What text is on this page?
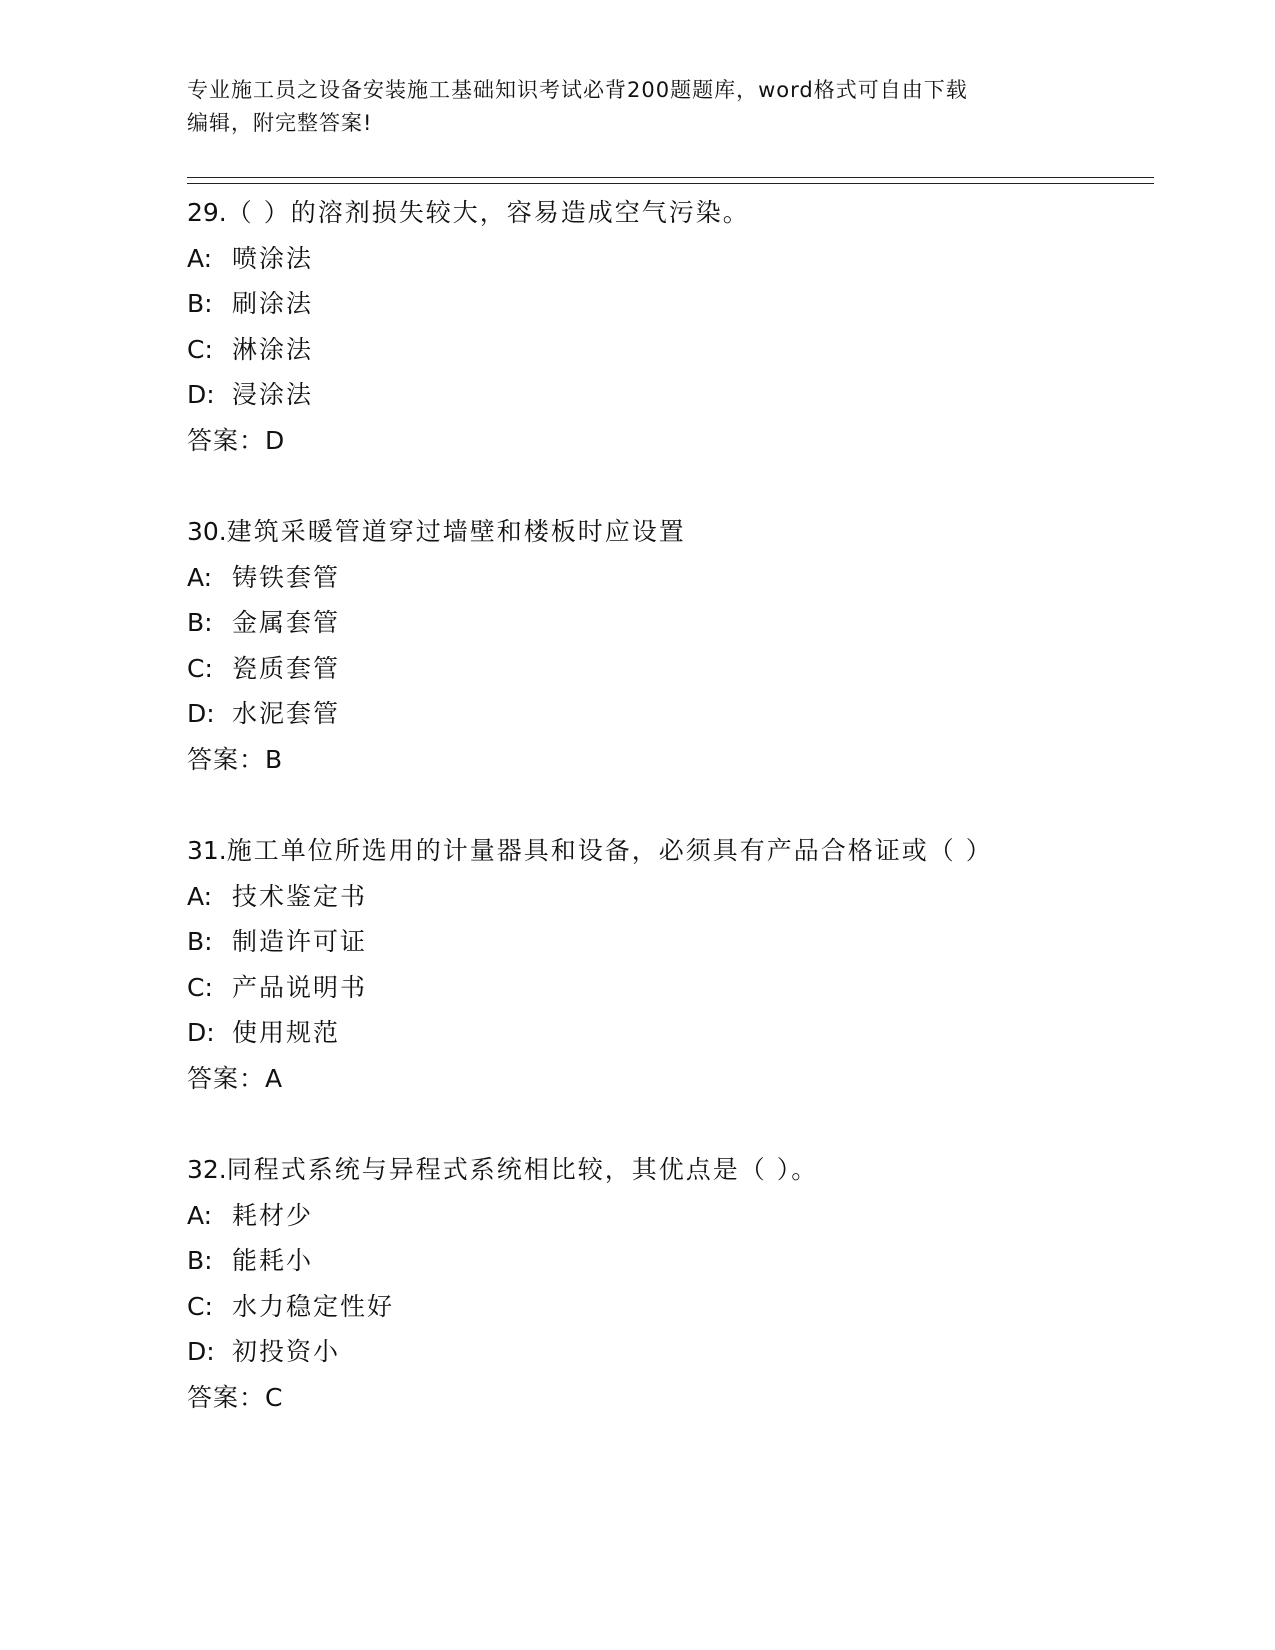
专业施工员之设备安装施工基础知识考试必背200题题库，word格式可自由下载
编辑，附完整答案!
29.（ ）的溶剂损失较大，容易造成空气污染。
A: 喷涂法
B: 刷涂法
C: 淋涂法
D: 浸涂法
答案：D
30.建筑采暖管道穿过墙壁和楼板时应设置
A: 铸铁套管
B: 金属套管
C: 瓷质套管
D: 水泥套管
答案：B
31.施工单位所选用的计量器具和设备，必须具有产品合格证或（ ）
A: 技术鉴定书
B: 制造许可证
C: 产品说明书
D: 使用规范
答案：A
32.同程式系统与异程式系统相比较，其优点是（ ）。
A: 耗材少
B: 能耗小
C: 水力稳定性好
D: 初投资小
答案：C
